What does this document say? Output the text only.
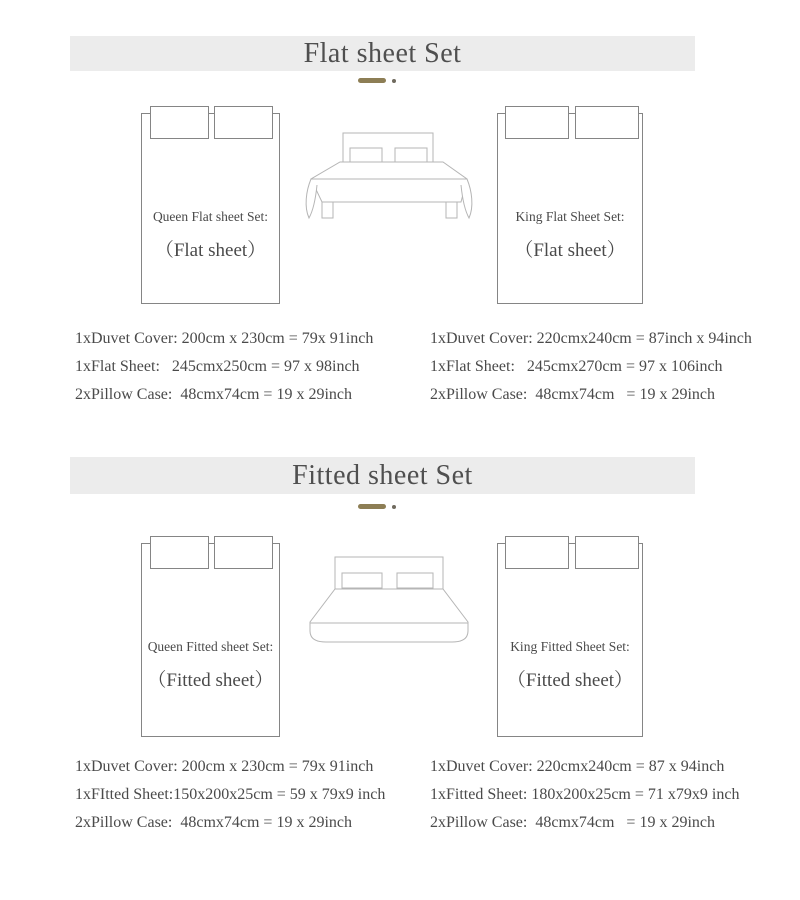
Flat sheet Set
Queen Flat sheet Set:
（Flat sheet）
King Flat Sheet Set:
（Flat sheet）
1xDuvet Cover: 200cm x 230cm = 79x 91inch
1xFlat Sheet:   245cmx250cm = 97 x 98inch
2xPillow Case:  48cmx74cm = 19 x 29inch
1xDuvet Cover: 220cmx240cm = 87inch x 94inch
1xFlat Sheet:   245cmx270cm = 97 x 106inch
2xPillow Case:  48cmx74cm   = 19 x 29inch
Fitted sheet Set
Queen Fitted sheet Set:
（Fitted sheet）
King Fitted Sheet Set:
（Fitted sheet）
1xDuvet Cover: 200cm x 230cm = 79x 91inch
1xFItted Sheet:150x200x25cm = 59 x 79x9 inch
2xPillow Case:  48cmx74cm = 19 x 29inch
1xDuvet Cover: 220cmx240cm = 87 x 94inch
1xFitted Sheet: 180x200x25cm = 71 x79x9 inch
2xPillow Case:  48cmx74cm   = 19 x 29inch
